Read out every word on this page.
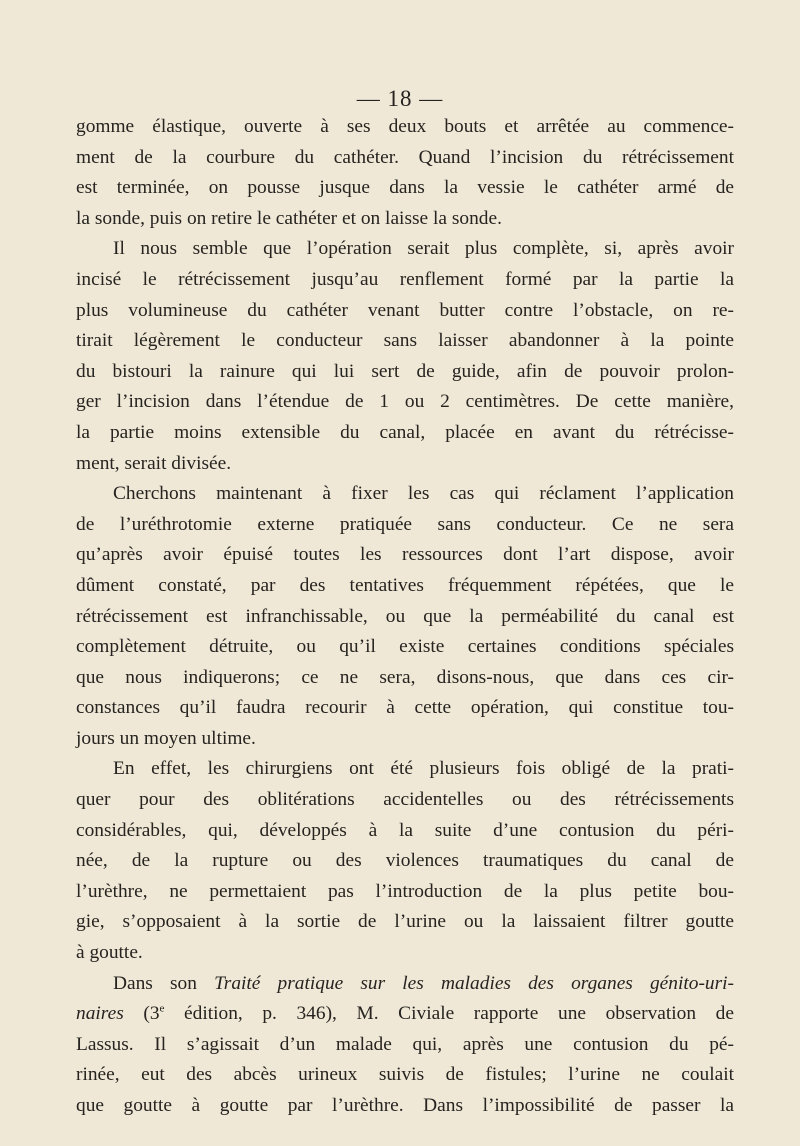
— 18 —
gomme élastique, ouverte à ses deux bouts et arrêtée au commence-
ment de la courbure du cathéter. Quand l’incision du rétrécissement
est terminée, on pousse jusque dans la vessie le cathéter armé de
la sonde, puis on retire le cathéter et on laisse la sonde.
Il nous semble que l’opération serait plus complète, si, après avoir
incisé le rétrécissement jusqu’au renflement formé par la partie la
plus volumineuse du cathéter venant butter contre l’obstacle, on re-
tirait légèrement le conducteur sans laisser abandonner à la pointe
du bistouri la rainure qui lui sert de guide, afin de pouvoir prolon-
ger l’incision dans l’étendue de 1 ou 2 centimètres. De cette manière,
la partie moins extensible du canal, placée en avant du rétrécisse-
ment, serait divisée.
Cherchons maintenant à fixer les cas qui réclament l’application
de l’uréthrotomie externe pratiquée sans conducteur. Ce ne sera
qu’après avoir épuisé toutes les ressources dont l’art dispose, avoir
dûment constaté, par des tentatives fréquemment répétées, que le
rétrécissement est infranchissable, ou que la perméabilité du canal est
complètement détruite, ou qu’il existe certaines conditions spéciales
que nous indiquerons; ce ne sera, disons-nous, que dans ces cir-
constances qu’il faudra recourir à cette opération, qui constitue tou-
jours un moyen ultime.
En effet, les chirurgiens ont été plusieurs fois obligé de la prati-
quer pour des oblitérations accidentelles ou des rétrécissements
considérables, qui, développés à la suite d’une contusion du péri-
née, de la rupture ou des violences traumatiques du canal de
l’urèthre, ne permettaient pas l’introduction de la plus petite bou-
gie, s’opposaient à la sortie de l’urine ou la laissaient filtrer goutte
à goutte.
Dans son Traité pratique sur les maladies des organes génito-uri-
naires (3e édition, p. 346), M. Civiale rapporte une observation de
Lassus. Il s’agissait d’un malade qui, après une contusion du pé-
rinée, eut des abcès urineux suivis de fistules; l’urine ne coulait
que goutte à goutte par l’urèthre. Dans l’impossibilité de passer la
